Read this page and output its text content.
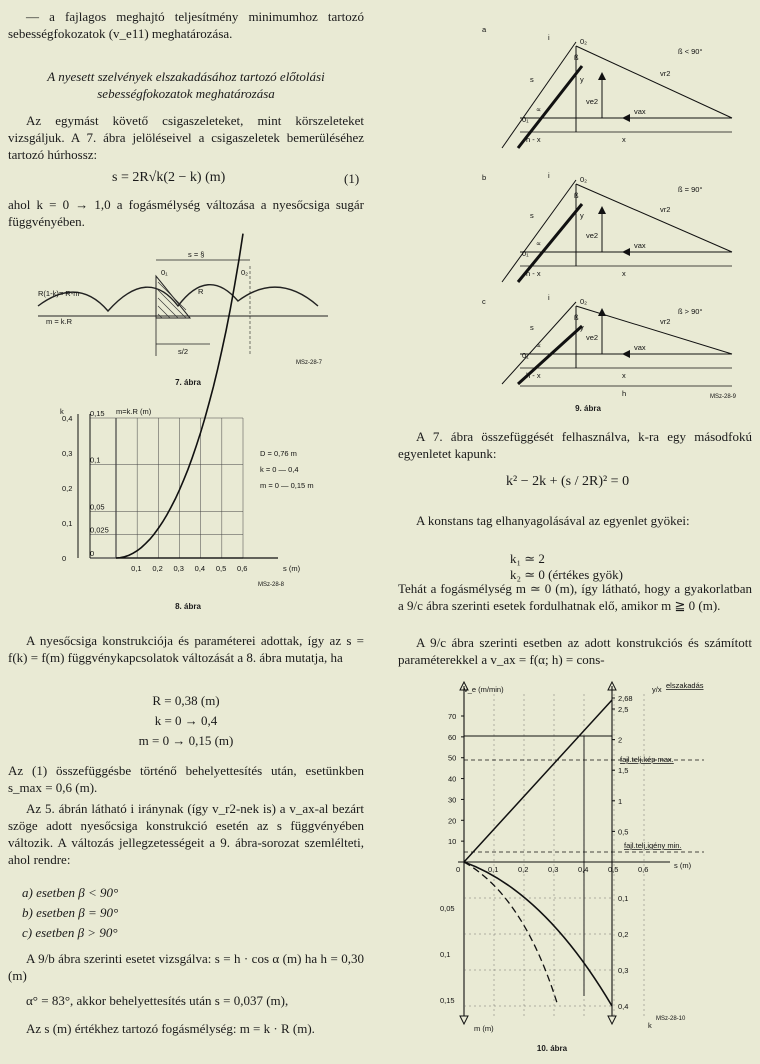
— a fajlagos meghajtó teljesítmény minimumhoz tartozó sebességfokozatok (v_e11) meghatározása.

A nyesett szelvények elszakadásához tartozó előtolási sebességfokozatok meghatározása

Az egymást követő csigaszeleteket, mint körszeleteket vizsgáljuk. A 7. ábra jelöléseivel a csigaszeletek bemerüléséhez tartozó húrhossz:

s = 2R√k(2 − k) (m)	(1)

ahol k = 0 → 1,0 a fogásmélység változása a nyesőcsiga sugár függvényében.

s = §
0₁	0₂
R(1-k)= R-m
m = k.R
s/2
R
MSz-28-7
7. ábra
0,1 0,2 0,3 0,4 0,5 0,6
0
0,1
0,2
0,3
0,4
0
0,025
0,05
0,1
0,15
k	m=k.R (m)
s (m)
D = 0,76 m
k = 0 — 0,4
m = 0 — 0,15 m
MSz-28-8
8. ábra

A nyesőcsiga konstrukciója és paraméterei adottak, így az s = f(k) = f(m) függvénykapcsolatok változását a 8. ábra mutatja, ha

R = 0,38 (m)
k = 0 → 0,4
m = 0 → 0,15 (m)

Az (1) összefüggésbe történő behelyettesítés után, esetünkben s_max = 0,6 (m).

Az 5. ábrán látható i iránynak (így v_r2-nek is) a v_ax-al bezárt szöge adott nyesőcsiga konstrukció esetén az s függvényében változik. A változás jellegzetességeit a 9. ábra-sorozat szemlélteti, ahol rendre:

a) esetben β < 90°
b) esetben β = 90°
c) esetben β > 90°

A 9/b ábra szerinti esetet vizsgálva: s = h · cos α (m) ha h = 0,30 (m)

α° = 83°, akkor behelyettesítés után s = 0,037 (m),

Az s (m) értékhez tartozó fogásmélység: m = k · R (m).

a
i	0₂
0₁
y
ve2
vax
vr2
h - x	x
∝
ß
ß < 90°
s
b	i	0₂
0₁
y
ve2
vax
vr2
h - x	x
∝
ß
ß = 90°
s
c	i	0₂
0₁
y
ve2
vax
vr2
h - x	x
∝
ß
ß > 90°
s
h	MSz-28-9
9. ábra

A 7. ábra összefüggését felhasználva, k-ra egy másodfokú egyenletet kapunk:

k² − 2k + (s / 2R)² = 0

A konstans tag elhanyagolásával az egyenlet gyökei:

k₁ ≃ 2
k₂ ≃ 0 (értékes gyök)

Tehát a fogásmélység m ≃ 0 (m), így látható, hogy a gyakorlatban a 9/c ábra szerinti esetek fordulhatnak elő, amikor m ≧ 0 (m).

A 9/c ábra szerinti esetben az adott konstrukciós és számított paraméterekkel a v_ax = f(α; h) = cons-

0,1	0,2	0,3	0,4	0,5	0,6
0
10
20
30
40
50
60
70
0,5
1
1,5
2
2,5
2,68
0,1
0,2
0,3
0,4
0,05
0,1
0,15
v_e (m/min)	y/x elszakadás
fajl.telj.kép max.
fajl.telj.igény min.
s (m)
m (m)	k
MSz-28-10
10. ábra
